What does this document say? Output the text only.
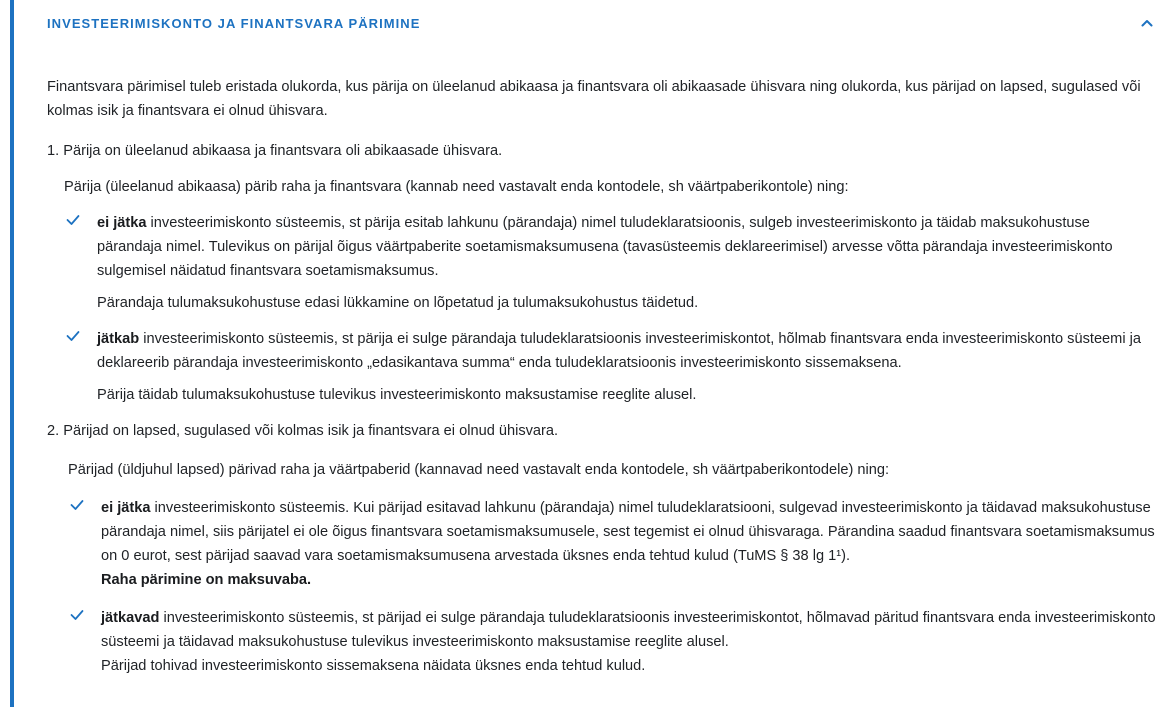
INVESTEERIMISKONTO JA FINANTSVARA PÄRIMINE

Finantsvara pärimisel tuleb eristada olukorda, kus pärija on üleelanud abikaasa ja finantsvara oli abikaasade ühisvara ning olukorda, kus pärijad on lapsed, sugulased või kolmas isik ja finantsvara ei olnud ühisvara.

1. Pärija on üleelanud abikaasa ja finantsvara oli abikaasade ühisvara.

Pärija (üleelanud abikaasa) pärib raha ja finantsvara (kannab need vastavalt enda kontodele, sh väärtpaberikontole) ning:

ei jätka investeerimiskonto süsteemis, st pärija esitab lahkunu (pärandaja) nimel tuludeklaratsioonis, sulgeb investeerimiskonto ja täidab maksukohustuse pärandaja nimel. Tulevikus on pärijal õigus väärtpaberite soetamismaksumusena (tavasüsteemis deklareerimisel) arvesse võtta pärandaja investeerimiskonto sulgemisel näidatud finantsvara soetamismaksumus.

Pärandaja tulumaksukohustuse edasi lükkamine on lõpetatud ja tulumaksukohustus täidetud.

jätkab investeerimiskonto süsteemis, st pärija ei sulge pärandaja tuludeklaratsioonis investeerimiskontot, hõlmab finantsvara enda investeerimiskonto süsteemi ja deklareerib pärandaja investeerimiskonto „edasikantava summa“ enda tuludeklaratsioonis investeerimiskonto sissemaksena.

Pärija täidab tulumaksukohustuse tulevikus investeerimiskonto maksustamise reeglite alusel.

2. Pärijad on lapsed, sugulased või kolmas isik ja finantsvara ei olnud ühisvara.

Pärijad (üldjuhul lapsed) pärivad raha ja väärtpaberid (kannavad need vastavalt enda kontodele, sh väärtpaberikontodele) ning:

ei jätka investeerimiskonto süsteemis. Kui pärijad esitavad lahkunu (pärandaja) nimel tuludeklaratsiooni, sulgevad investeerimiskonto ja täidavad maksukohustuse pärandaja nimel, siis pärijatel ei ole õigus finantsvara soetamismaksumusele, sest tegemist ei olnud ühisvaraga. Pärandina saadud finantsvara soetamismaksumus on 0 eurot, sest pärijad saavad vara soetamismaksumusena arvestada üksnes enda tehtud kulud (TuMS § 38 lg 1¹).
Raha pärimine on maksuvaba.

jätkavad investeerimiskonto süsteemis, st pärijad ei sulge pärandaja tuludeklaratsioonis investeerimiskontot, hõlmavad päritud finantsvara enda investeerimiskonto süsteemi ja täidavad maksukohustuse tulevikus investeerimiskonto maksustamise reeglite alusel.
Pärijad tohivad investeerimiskonto sissemaksena näidata üksnes enda tehtud kulud.
